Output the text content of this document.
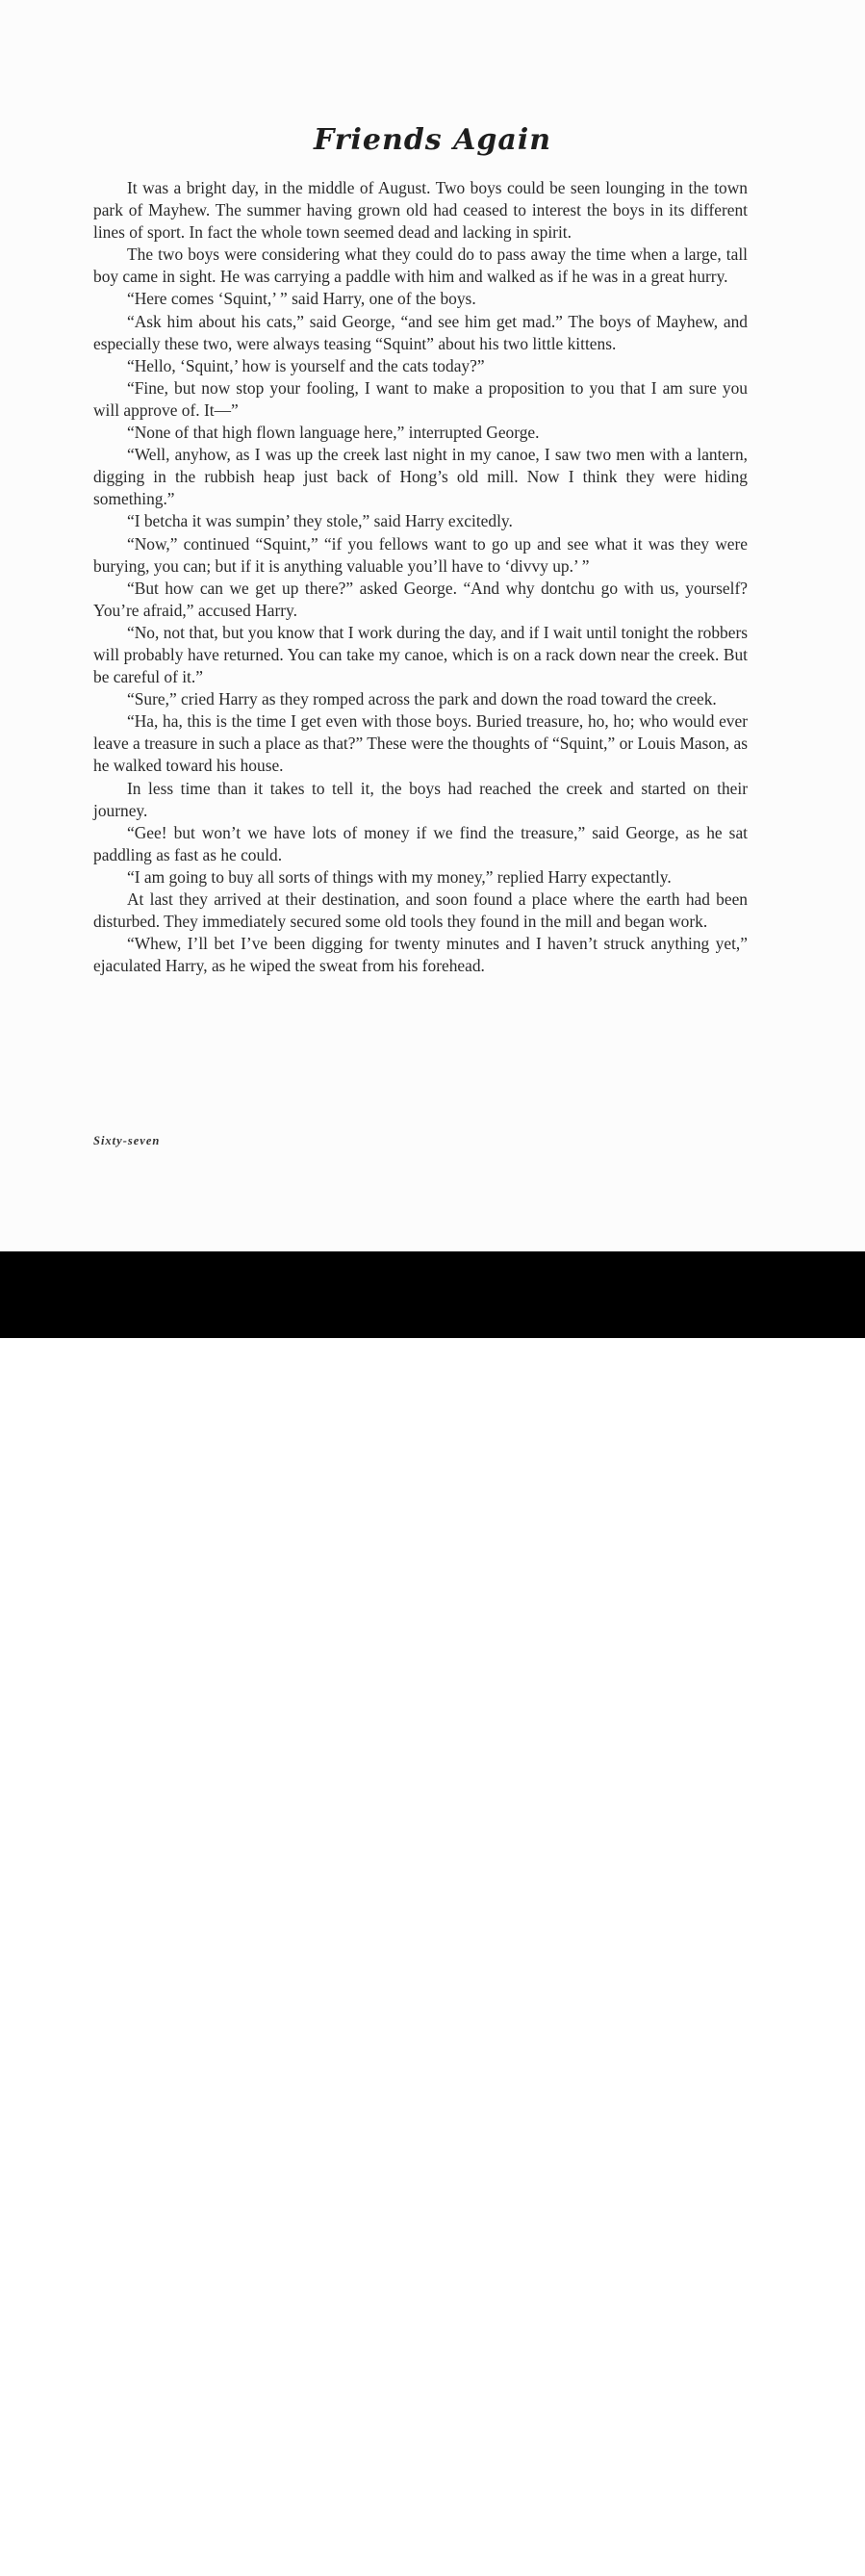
Friends Again

It was a bright day, in the middle of August. Two boys could be seen lounging in the town park of Mayhew. The summer having grown old had ceased to interest the boys in its different lines of sport. In fact the whole town seemed dead and lacking in spirit.

The two boys were considering what they could do to pass away the time when a large, tall boy came in sight. He was carrying a paddle with him and walked as if he was in a great hurry.

“Here comes ‘Squint,’ ” said Harry, one of the boys.

“Ask him about his cats,” said George, “and see him get mad.” The boys of Mayhew, and especially these two, were always teasing “Squint” about his two little kittens.

“Hello, ‘Squint,’ how is yourself and the cats today?”

“Fine, but now stop your fooling, I want to make a proposition to you that I am sure you will approve of. It—”

“None of that high flown language here,” interrupted George.

“Well, anyhow, as I was up the creek last night in my canoe, I saw two men with a lantern, digging in the rubbish heap just back of Hong’s old mill. Now I think they were hiding something.”

“I betcha it was sumpin’ they stole,” said Harry excitedly.

“Now,” continued “Squint,” “if you fellows want to go up and see what it was they were burying, you can; but if it is anything valuable you’ll have to ‘divvy up.’ ”

“But how can we get up there?” asked George. “And why dontchu go with us, yourself? You’re afraid,” accused Harry.

“No, not that, but you know that I work during the day, and if I wait until tonight the robbers will probably have returned. You can take my canoe, which is on a rack down near the creek. But be careful of it.”

“Sure,” cried Harry as they romped across the park and down the road toward the creek.

“Ha, ha, this is the time I get even with those boys. Buried treasure, ho, ho; who would ever leave a treasure in such a place as that?” These were the thoughts of “Squint,” or Louis Mason, as he walked toward his house.

In less time than it takes to tell it, the boys had reached the creek and started on their journey.

“Gee! but won’t we have lots of money if we find the treasure,” said George, as he sat paddling as fast as he could.

“I am going to buy all sorts of things with my money,” replied Harry expectantly.

At last they arrived at their destination, and soon found a place where the earth had been disturbed. They immediately secured some old tools they found in the mill and began work.

“Whew, I’ll bet I’ve been digging for twenty minutes and I haven’t struck anything yet,” ejaculated Harry, as he wiped the sweat from his forehead.

Sixty-seven
alamy	3A8TH3W
www.alamy.com
